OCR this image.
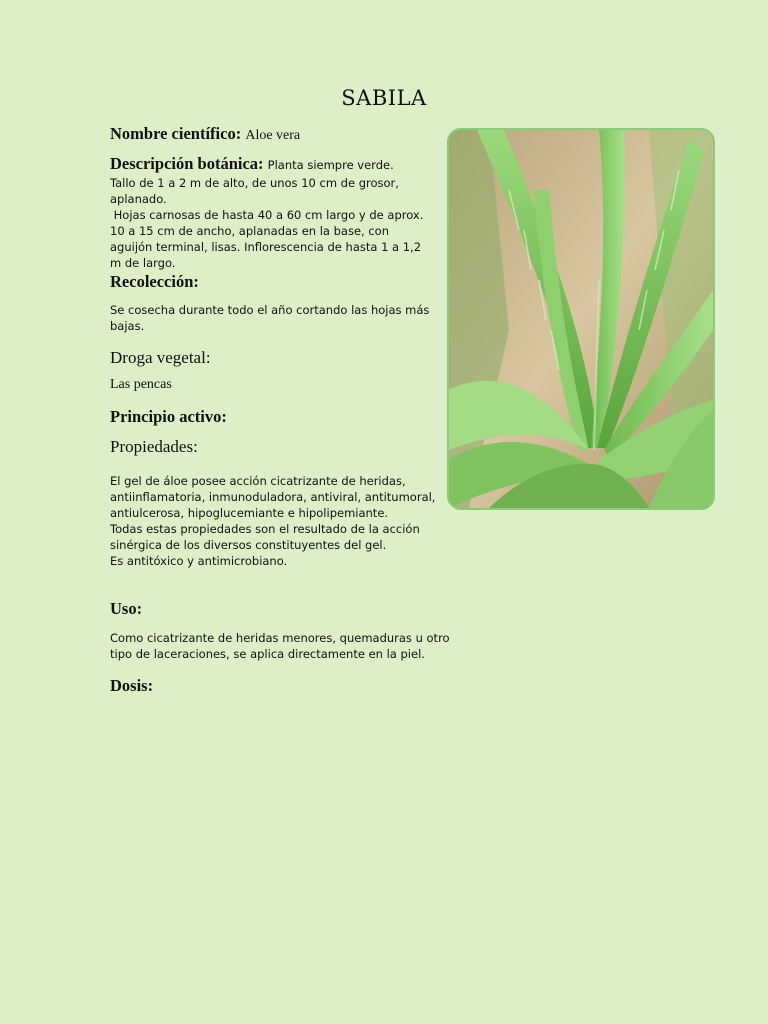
SABILA
Nombre científico: Aloe vera
Descripción botánica: Planta siempre verde.

Tallo de 1 a 2 m de alto, de unos 10 cm de grosor, aplanado.

Hojas carnosas de hasta 40 a 60 cm largo y de aprox. 10 a 15 cm de ancho, aplanadas en la base, con aguijón terminal, lisas. Inflorescencia de hasta 1 a 1,2 m de largo.

Recolección:
Se cosecha durante todo el año cortando las hojas más bajas.
Droga vegetal:
Las pencas
Principio activo:
Propiedades:

El gel de áloe posee acción cicatrizante de heridas, antiinflamatoria, inmunoduladora, antiviral, antitumoral, antiulcerosa, hipoglucemiante e hipolipemiante.

Todas estas propiedades son el resultado de la acción sinérgica de los diversos constituyentes del gel.

Es antitóxico y antimicrobiano.

Uso:
Como cicatrizante de heridas menores, quemaduras u otro tipo de laceraciones, se aplica directamente en la piel.
Dosis:
